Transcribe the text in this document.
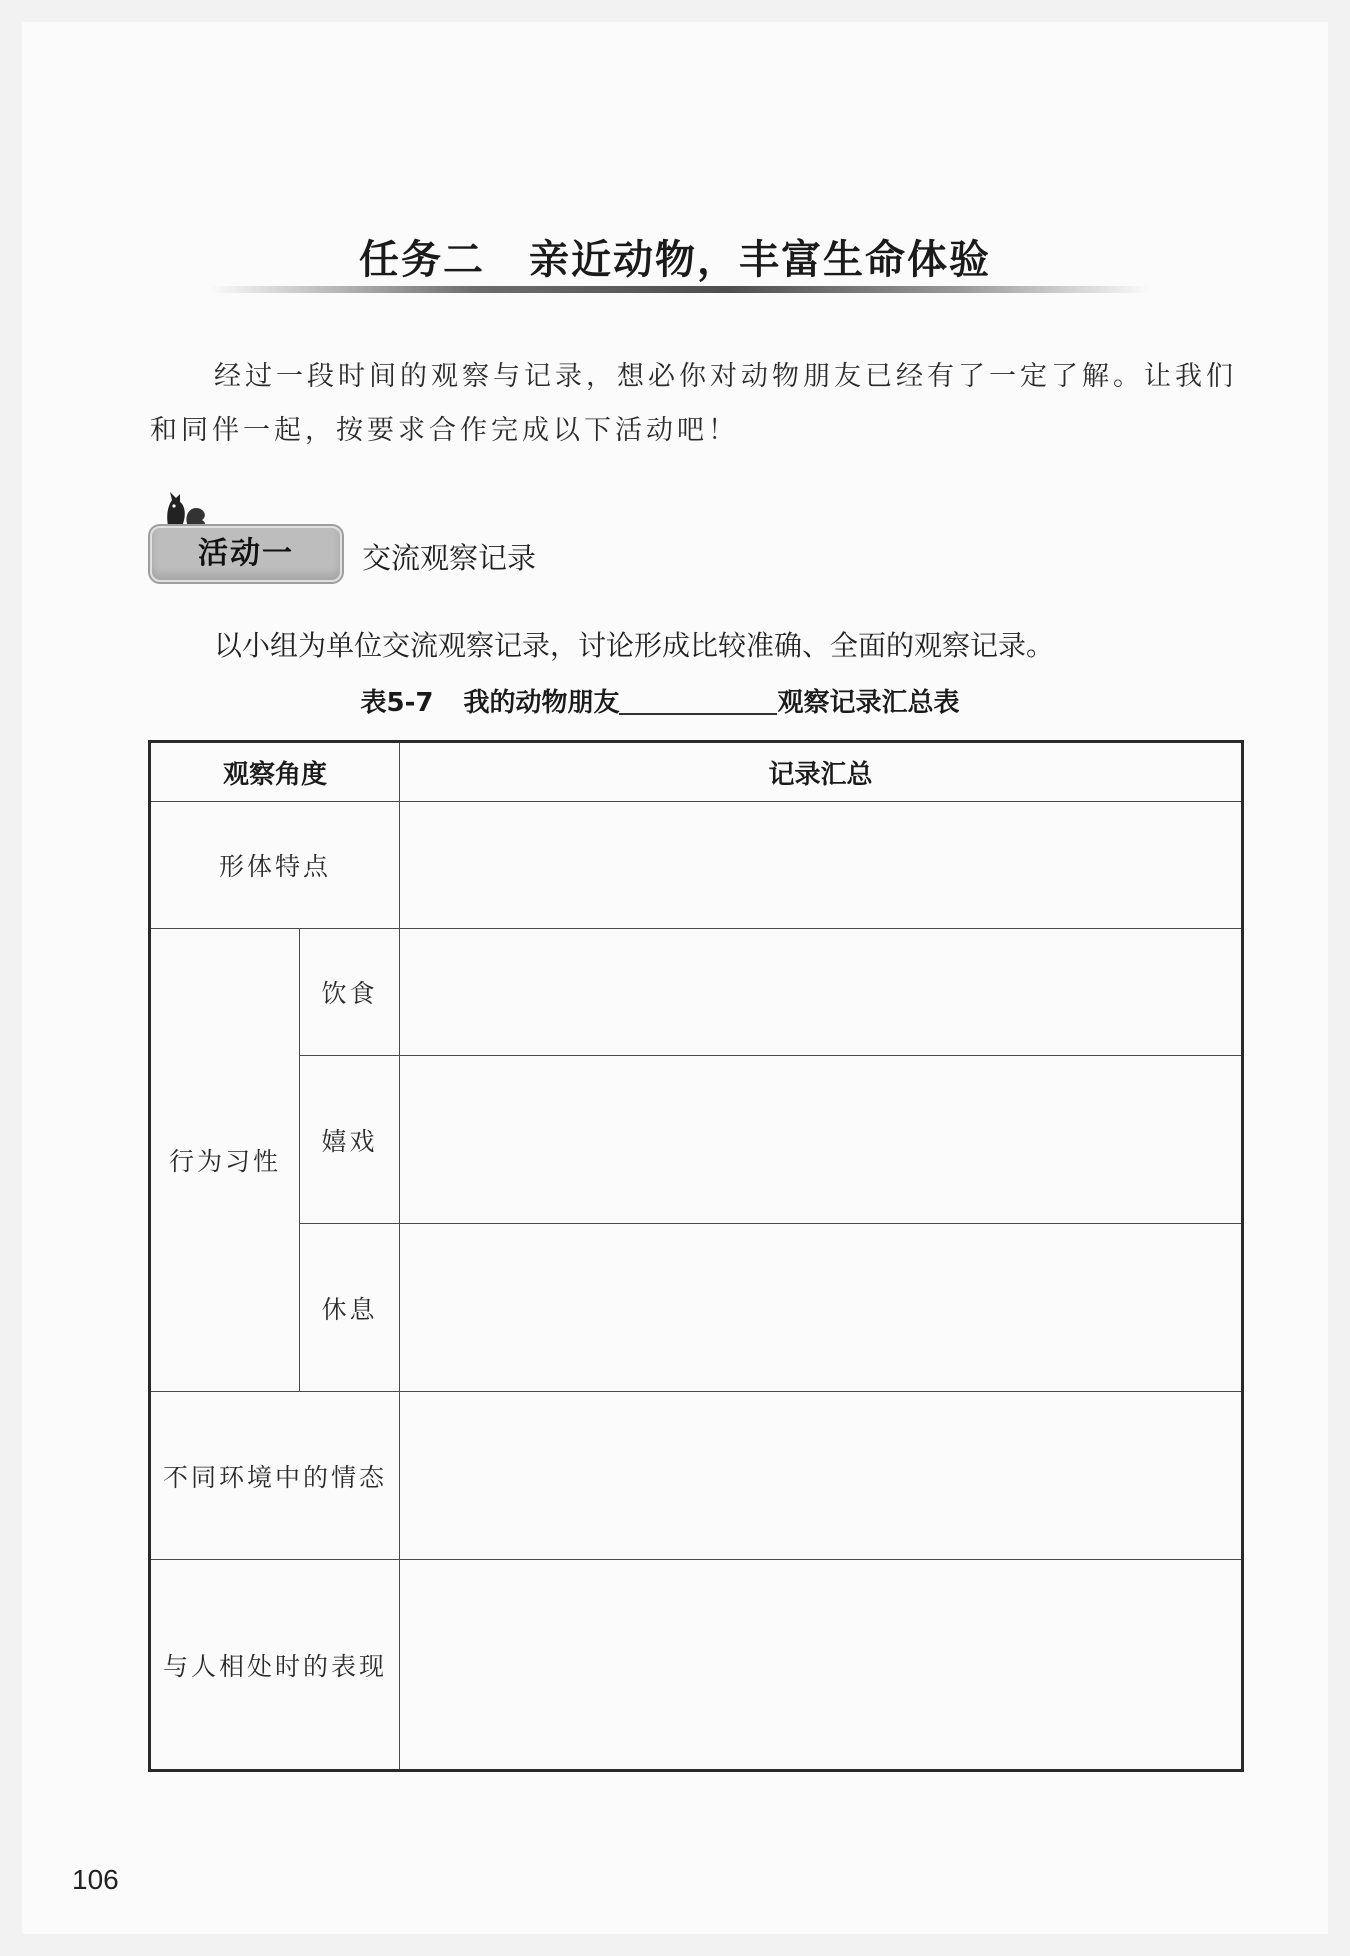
任务二 亲近动物，丰富生命体验
经过一段时间的观察与记录，想必你对动物朋友已经有了一定了解。让我们和同伴一起，按要求合作完成以下活动吧！
活动一	交流观察记录
以小组为单位交流观察记录，讨论形成比较准确、全面的观察记录。
表5-7 我的动物朋友	观察记录汇总表
观察角度		记录汇总
形体特点		
行为习性	饮食	
	嬉戏	
	休息	
不同环境中的情态		
与人相处时的表现		
106
